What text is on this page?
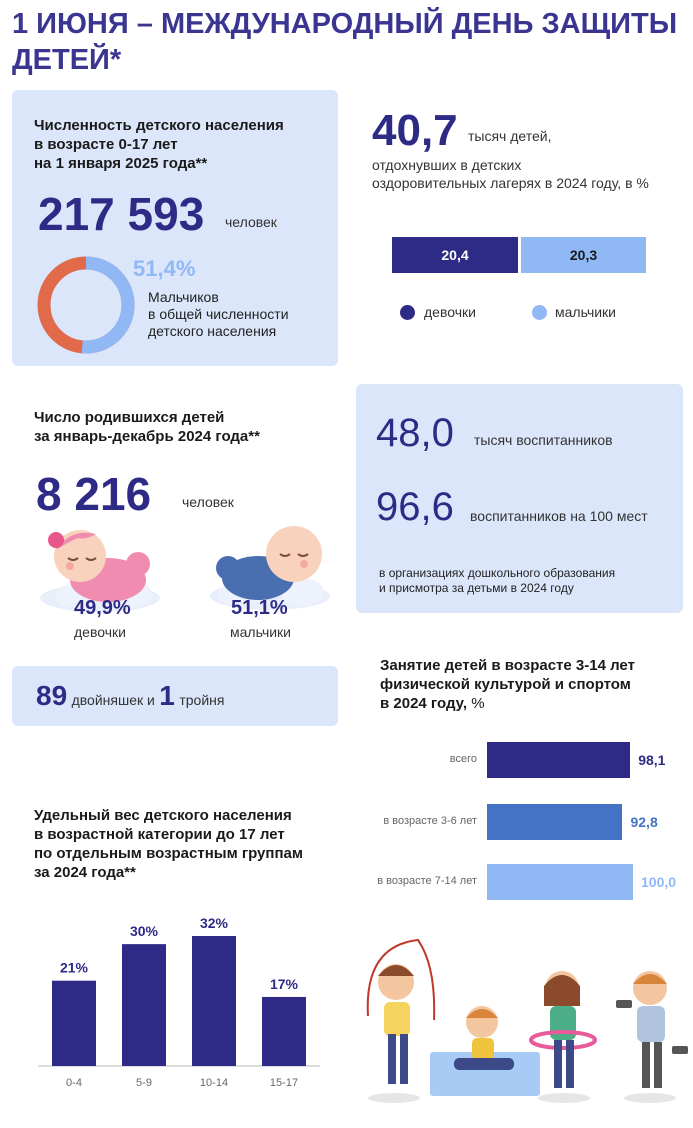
1 ИЮНЯ – МЕЖДУНАРОДНЫЙ ДЕНЬ ЗАЩИТЫ ДЕТЕЙ*
Численность детского населения
в возрасте 0-17 лет
на 1 января 2025 года**
217 593 человек
51,4%
Мальчиков
в общей численности
детского населения
40,7 тысяч детей,
отдохнувших в детских
оздоровительных лагерях в 2024 году, в %
20,4	20,3
девочки	мальчики
Число родившихся детей
за январь-декабрь 2024 года**
8 216 человек
49,9%
девочки
51,1%
мальчики
48,0 тысяч воспитанников
96,6 воспитанников на 100 мест
в организациях дошкольного образования
и присмотра за детьми в 2024 году
89 двойняшек и 1 тройня
Занятие детей в возрасте 3-14 лет
физической культурой и спортом
в 2024 году, %
всего	98,1
в возрасте 3-6 лет	92,8
в возрасте 7-14 лет	100,0
Удельный вес детского населения
в возрастной категории до 17 лет
по отдельным возрастным группам
за 2024 года**
21%
0-4
30%
5-9
32%
10-14
17%
15-17
